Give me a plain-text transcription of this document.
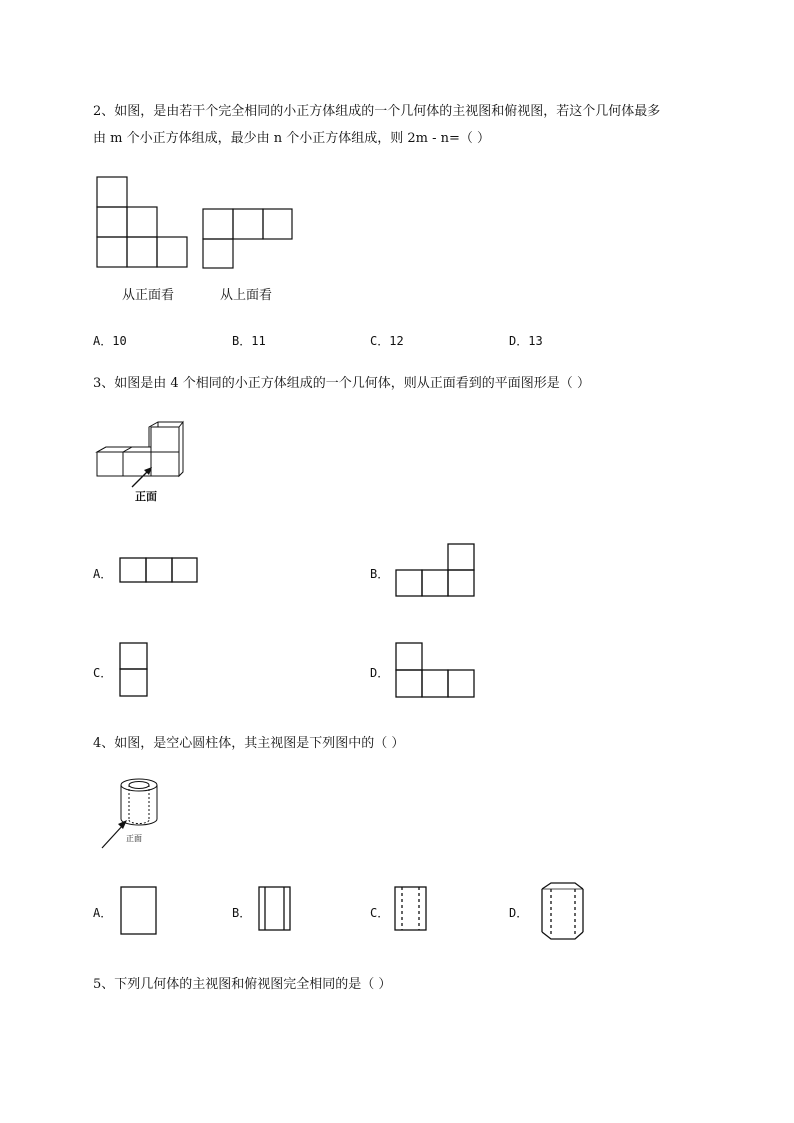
2、如图，是由若干个完全相同的小正方体组成的一个几何体的主视图和俯视图，若这个几何体最多
由 m 个小正方体组成，最少由 n 个小正方体组成，则 2m - n=（ ）
从正面看	从上面看
A．10	B．11	C．12	D．13
3、如图是由 4 个相同的小正方体组成的一个几何体，则从正面看到的平面图形是（ ）
正面
A．	B．
C．	D．
4、如图，是空心圆柱体，其主视图是下列图中的（ ）
正面
A．	B．	C．	D．
5、下列几何体的主视图和俯视图完全相同的是（ ）
